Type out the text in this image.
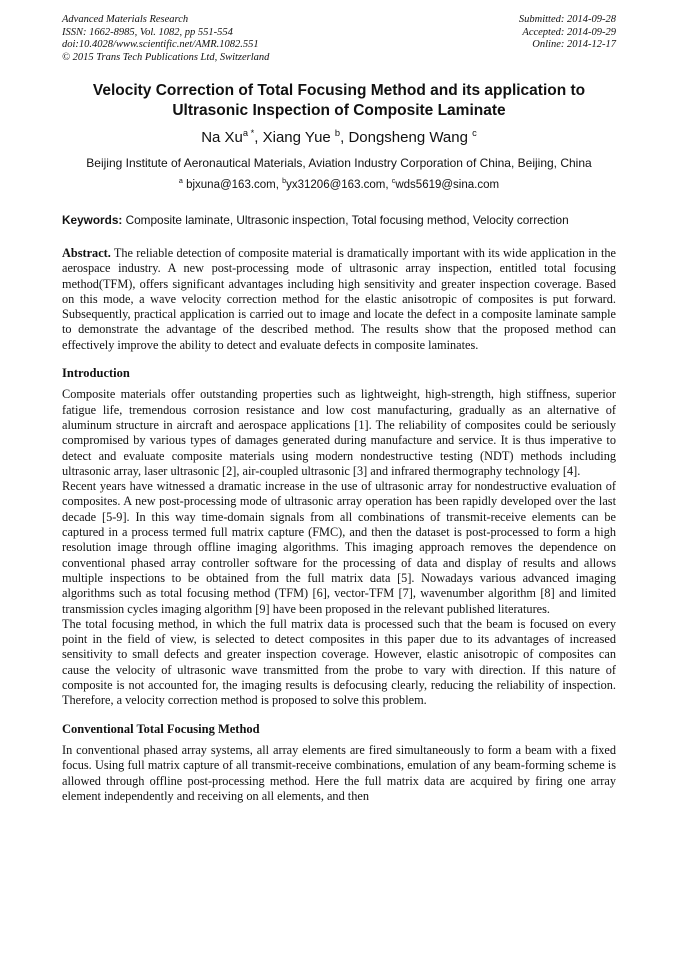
Advanced Materials Research
ISSN: 1662-8985, Vol. 1082, pp 551-554
doi:10.4028/www.scientific.net/AMR.1082.551
© 2015 Trans Tech Publications Ltd, Switzerland
Submitted: 2014-09-28
Accepted: 2014-09-29
Online: 2014-12-17
Velocity Correction of Total Focusing Method and its application to
Ultrasonic Inspection of Composite Laminate
Na $Xu^{a *}$, Xiang Yue $^b$, Dongsheng Wang $^c$
Beijing Institute of Aeronautical Materials, Aviation Industry Corporation of China, Beijing, China
$^a$ bjxuna@163.com, $^b$yx31206@163.com, $^c$wds5619@sina.com
Keywords: Composite laminate, Ultrasonic inspection, Total focusing method, Velocity correction

Abstract. The reliable detection of composite material is dramatically important with its wide application in the aerospace industry. A new post-processing mode of ultrasonic array inspection, entitled total focusing method(TFM), offers significant advantages including high sensitivity and greater inspection coverage. Based on this mode, a wave velocity correction method for the elastic anisotropic of composites is put forward. Subsequently, practical application is carried out to image and locate the defect in a composite laminate sample to demonstrate the advantage of the described method. The results show that the proposed method can effectively improve the ability to detect and evaluate defects in composite laminates.

Introduction

Composite materials offer outstanding properties such as lightweight, high-strength, high stiffness, superior fatigue life, tremendous corrosion resistance and low cost manufacturing, gradually as an alternative of aluminum structure in aircraft and aerospace applications [1]. The reliability of composites could be seriously compromised by various types of damages generated during manufacture and service. It is thus imperative to detect and evaluate composite materials using modern nondestructive testing (NDT) methods including ultrasonic array, laser ultrasonic [2], air-coupled ultrasonic [3] and infrared thermography technology [4].

Recent years have witnessed a dramatic increase in the use of ultrasonic array for nondestructive evaluation of composites. A new post-processing mode of ultrasonic array operation has been rapidly developed over the last decade [5-9]. In this way time-domain signals from all combinations of transmit-receive elements can be captured in a process termed full matrix capture (FMC), and then the dataset is post-processed to form a high resolution image through offline imaging algorithms. This imaging approach removes the dependence on conventional phased array controller software for the processing of data and display of results and allows multiple inspections to be obtained from the full matrix data [5]. Nowadays various advanced imaging algorithms such as total focusing method (TFM) [6], vector-TFM [7], wavenumber algorithm [8] and limited transmission cycles imaging algorithm [9] have been proposed in the relevant published literatures.

The total focusing method, in which the full matrix data is processed such that the beam is focused on every point in the field of view, is selected to detect composites in this paper due to its advantages of increased sensitivity to small defects and greater inspection coverage. However, elastic anisotropic of composites can cause the velocity of ultrasonic wave transmitted from the probe to vary with direction. If this nature of composite is not accounted for, the imaging results is defocusing clearly, reducing the reliability of inspection. Therefore, a velocity correction method is proposed to solve this problem.

Conventional Total Focusing Method

In conventional phased array systems, all array elements are fired simultaneously to form a beam with a fixed focus. Using full matrix capture of all transmit-receive combinations, emulation of any beam-forming scheme is allowed through offline post-processing method. Here the full matrix data are acquired by firing one array element independently and receiving on all elements, and then
